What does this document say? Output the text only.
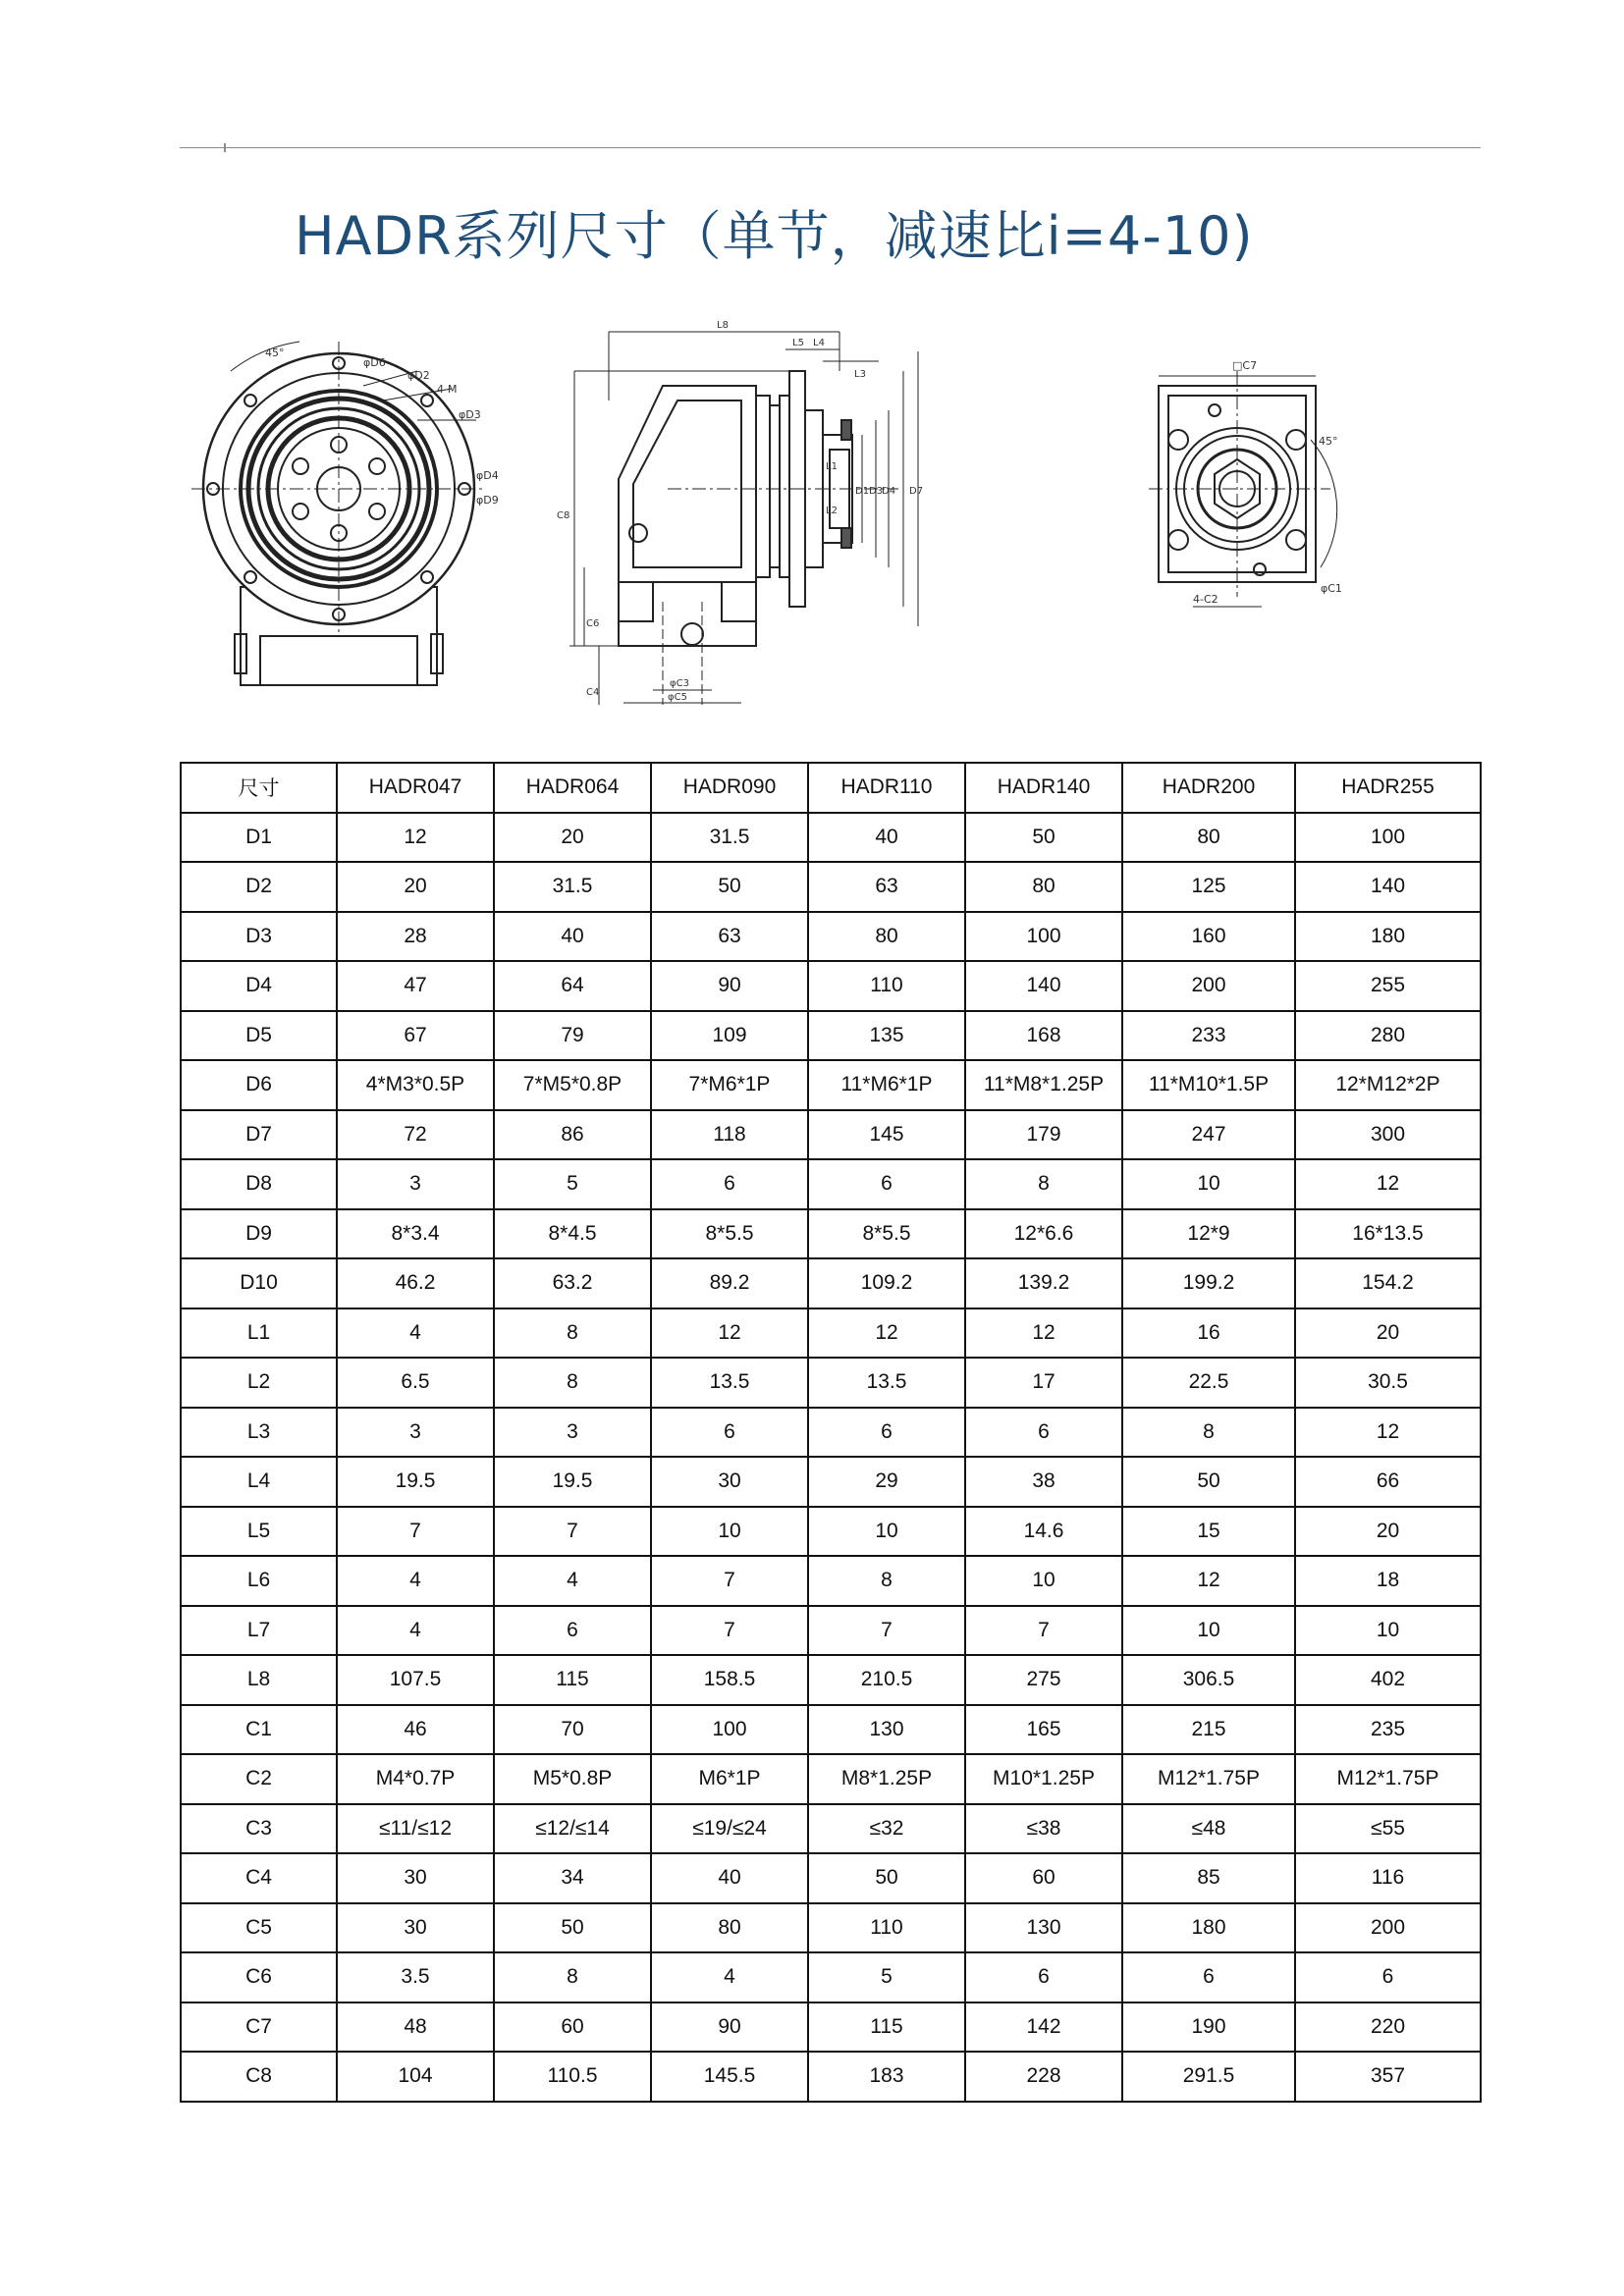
HADR系列尺寸（单节，减速比i=4-10)
45°
φD6
φD2
4-M
φD3
φD4
φD9
L8
L5 L4
L3
L1
L2
D1 D3
D4 D7
C6
C8
φC5
φC3
C4
□C7
φC1
4-C2
45°
尺寸	HADR047	HADR064	HADR090	HADR110	HADR140	HADR200	HADR255
D1	12	20	31.5	40	50	80	100
D2	20	31.5	50	63	80	125	140
D3	28	40	63	80	100	160	180
D4	47	64	90	110	140	200	255
D5	67	79	109	135	168	233	280
D6	4*M3*0.5P	7*M5*0.8P	7*M6*1P	11*M6*1P	11*M8*1.25P	11*M10*1.5P	12*M12*2P
D7	72	86	118	145	179	247	300
D8	3	5	6	6	8	10	12
D9	8*3.4	8*4.5	8*5.5	8*5.5	12*6.6	12*9	16*13.5
D10	46.2	63.2	89.2	109.2	139.2	199.2	154.2
L1	4	8	12	12	12	16	20
L2	6.5	8	13.5	13.5	17	22.5	30.5
L3	3	3	6	6	6	8	12
L4	19.5	19.5	30	29	38	50	66
L5	7	7	10	10	14.6	15	20
L6	4	4	7	8	10	12	18
L7	4	6	7	7	7	10	10
L8	107.5	115	158.5	210.5	275	306.5	402
C1	46	70	100	130	165	215	235
C2	M4*0.7P	M5*0.8P	M6*1P	M8*1.25P	M10*1.25P	M12*1.75P	M12*1.75P
C3	≤11/≤12	≤12/≤14	≤19/≤24	≤32	≤38	≤48	≤55
C4	30	34	40	50	60	85	116
C5	30	50	80	110	130	180	200
C6	3.5	8	4	5	6	6	6
C7	48	60	90	115	142	190	220
C8	104	110.5	145.5	183	228	291.5	357
